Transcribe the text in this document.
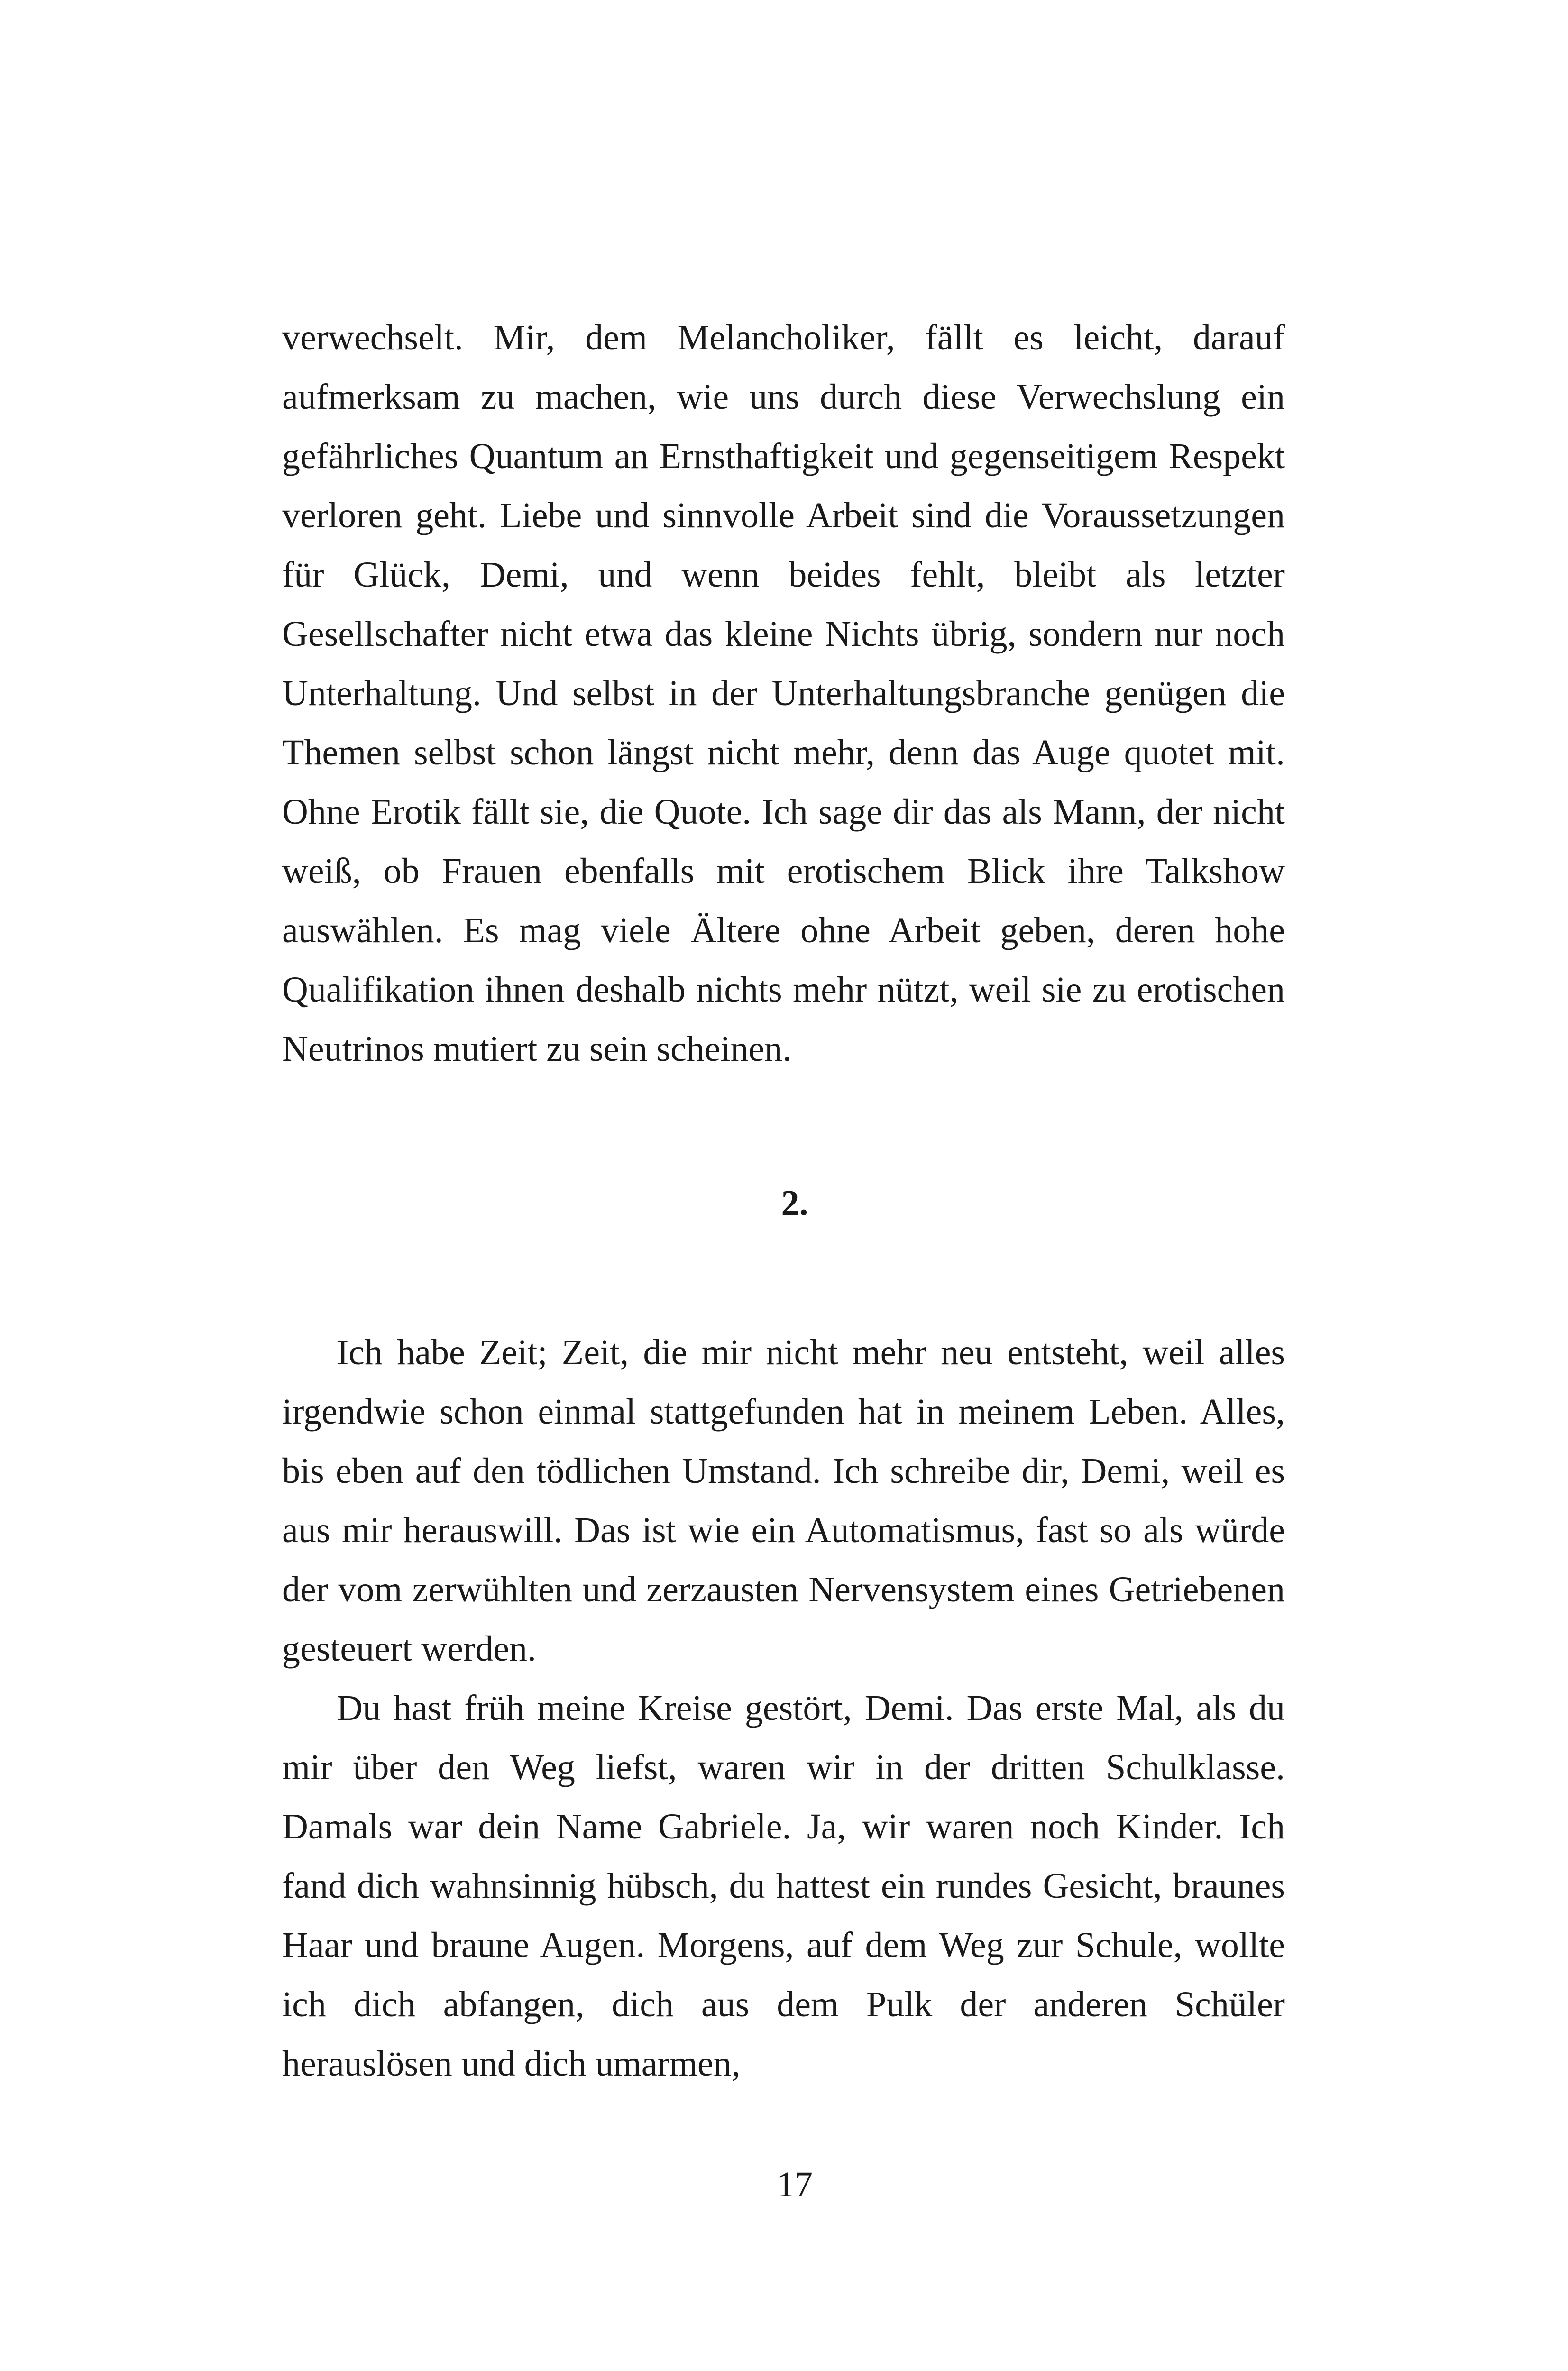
verwechselt. Mir, dem Melancholiker, fällt es leicht, darauf aufmerksam zu machen, wie uns durch diese Verwechslung ein gefährliches Quantum an Ernsthaftigkeit und gegenseitigem Respekt verloren geht. Liebe und sinnvolle Arbeit sind die Voraussetzungen für Glück, Demi, und wenn beides fehlt, bleibt als letzter Gesellschafter nicht etwa das kleine Nichts übrig, sondern nur noch Unterhaltung. Und selbst in der Unterhaltungsbranche genügen die Themen selbst schon längst nicht mehr, denn das Auge quotet mit. Ohne Erotik fällt sie, die Quote. Ich sage dir das als Mann, der nicht weiß, ob Frauen ebenfalls mit erotischem Blick ihre Talkshow auswählen. Es mag viele Ältere ohne Arbeit geben, deren hohe Qualifikation ihnen deshalb nichts mehr nützt, weil sie zu erotischen Neutrinos mutiert zu sein scheinen.

2.

Ich habe Zeit; Zeit, die mir nicht mehr neu entsteht, weil alles irgendwie schon einmal stattgefunden hat in meinem Leben. Alles, bis eben auf den tödlichen Umstand. Ich schreibe dir, Demi, weil es aus mir herauswill. Das ist wie ein Automatismus, fast so als würde der vom zerwühlten und zerzausten Nervensystem eines Getriebenen gesteuert werden.

Du hast früh meine Kreise gestört, Demi. Das erste Mal, als du mir über den Weg liefst, waren wir in der dritten Schulklasse. Damals war dein Name Gabriele. Ja, wir waren noch Kinder. Ich fand dich wahnsinnig hübsch, du hattest ein rundes Gesicht, braunes Haar und braune Augen. Morgens, auf dem Weg zur Schule, wollte ich dich abfangen, dich aus dem Pulk der anderen Schüler herauslösen und dich umarmen,

17
